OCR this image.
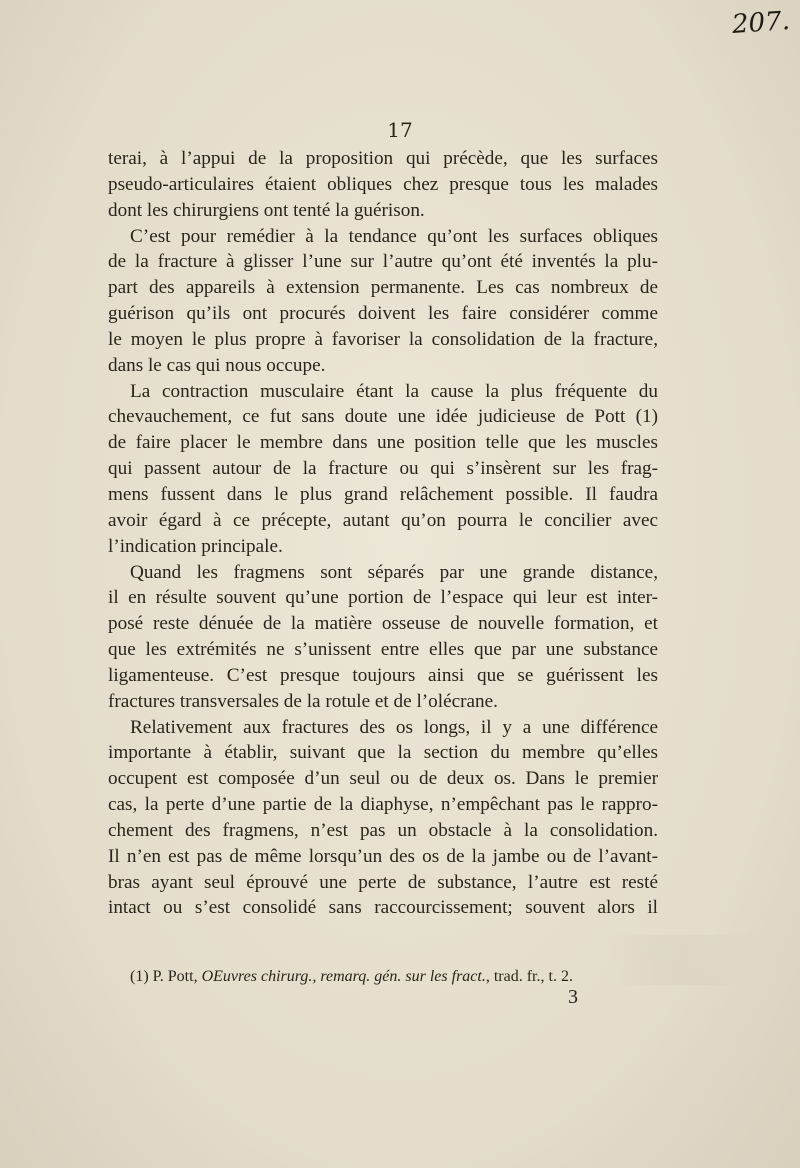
207.
17
terai, à l’appui de la proposition qui précède, que les surfaces
pseudo-articulaires étaient obliques chez presque tous les malades
dont les chirurgiens ont tenté la guérison.
C’est pour remédier à la tendance qu’ont les surfaces obliques
de la fracture à glisser l’une sur l’autre qu’ont été inventés la plu-
part des appareils à extension permanente. Les cas nombreux de
guérison qu’ils ont procurés doivent les faire considérer comme
le moyen le plus propre à favoriser la consolidation de la fracture,
dans le cas qui nous occupe.
La contraction musculaire étant la cause la plus fréquente du
chevauchement, ce fut sans doute une idée judicieuse de Pott (1)
de faire placer le membre dans une position telle que les muscles
qui passent autour de la fracture ou qui s’insèrent sur les frag-
mens fussent dans le plus grand relâchement possible. Il faudra
avoir égard à ce précepte, autant qu’on pourra le concilier avec
l’indication principale.
Quand les fragmens sont séparés par une grande distance,
il en résulte souvent qu’une portion de l’espace qui leur est inter-
posé reste dénuée de la matière osseuse de nouvelle formation, et
que les extrémités ne s’unissent entre elles que par une substance
ligamenteuse. C’est presque toujours ainsi que se guérissent les
fractures transversales de la rotule et de l’olécrane.
Relativement aux fractures des os longs, il y a une différence
importante à établir, suivant que la section du membre qu’elles
occupent est composée d’un seul ou de deux os. Dans le premier
cas, la perte d’une partie de la diaphyse, n’empêchant pas le rappro-
chement des fragmens, n’est pas un obstacle à la consolidation.
Il n’en est pas de même lorsqu’un des os de la jambe ou de l’avant-
bras ayant seul éprouvé une perte de substance, l’autre est resté
intact ou s’est consolidé sans raccourcissement; souvent alors il
(1) P. Pott, OEuvres chirurg., remarq. gén. sur les fract., trad. fr., t. 2.
3
